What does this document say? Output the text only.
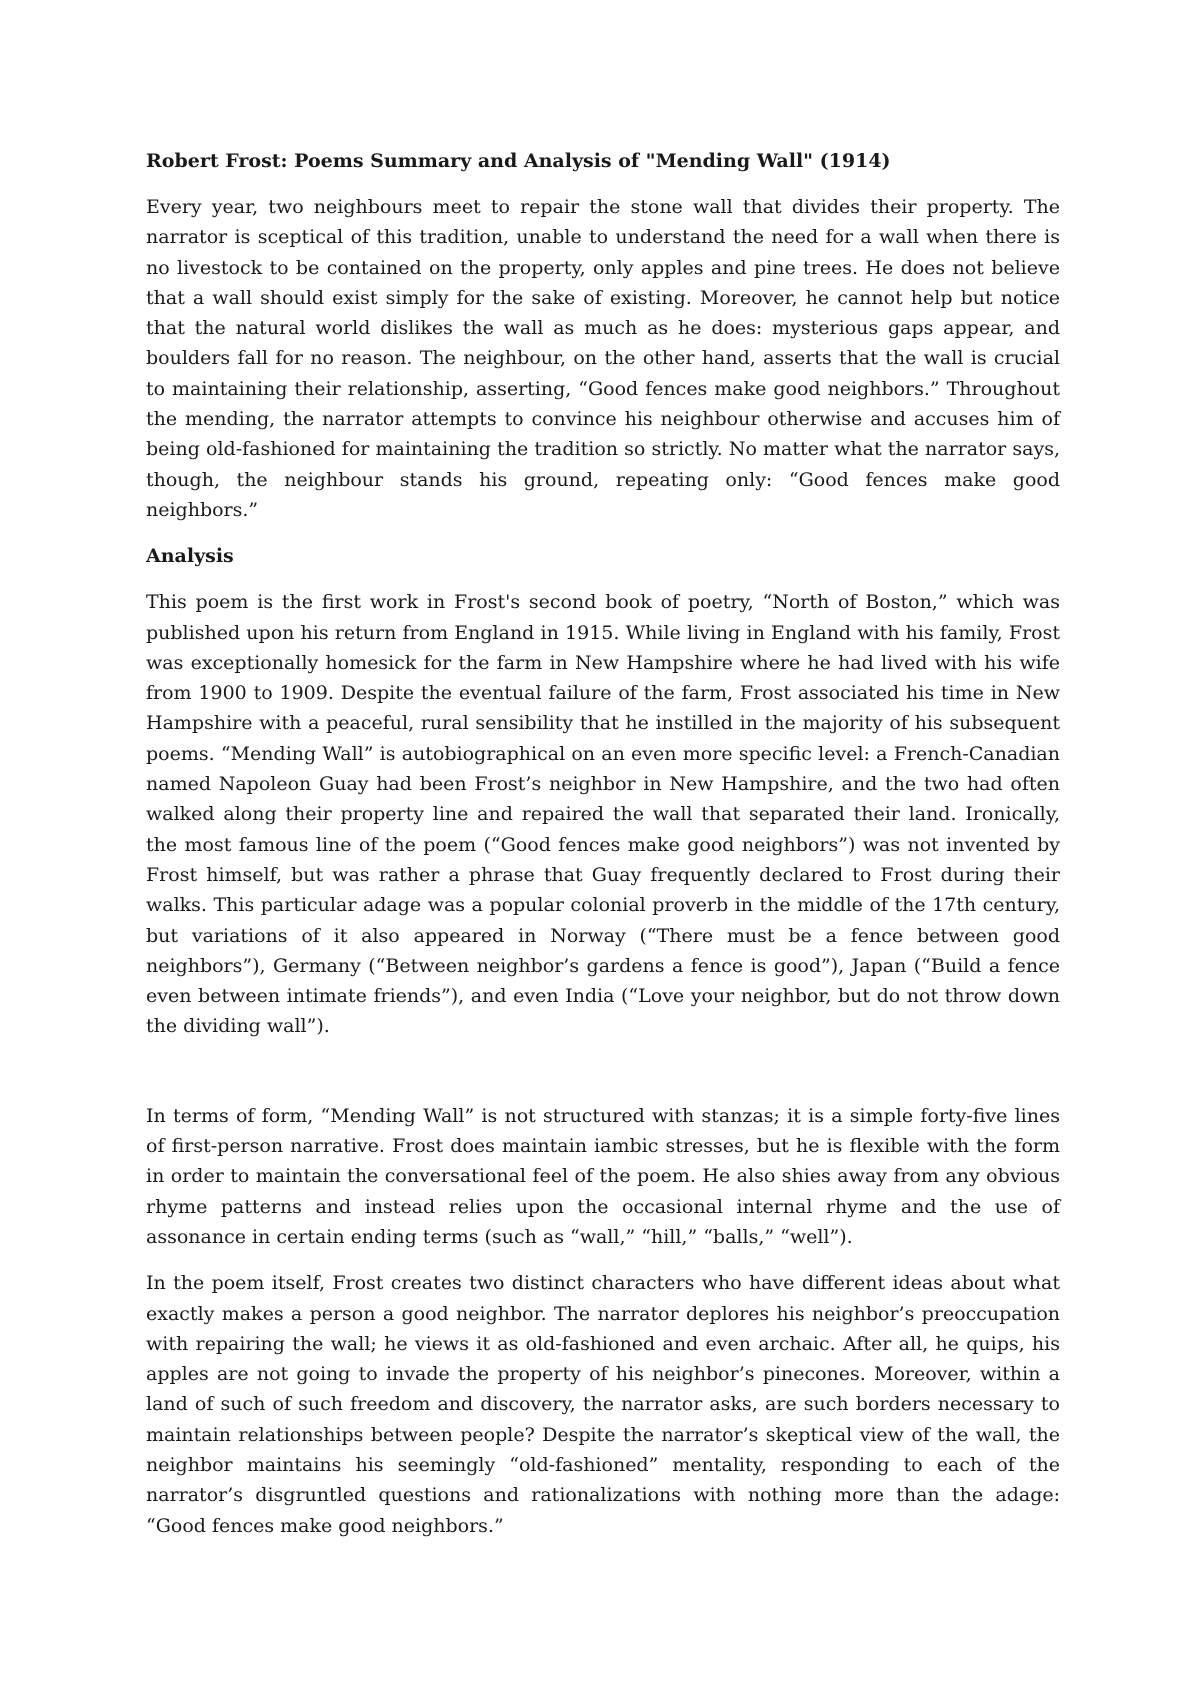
Robert Frost: Poems Summary and Analysis of "Mending Wall" (1914)

Every year, two neighbours meet to repair the stone wall that divides their property. The narrator is sceptical of this tradition, unable to understand the need for a wall when there is no livestock to be contained on the property, only apples and pine trees. He does not believe that a wall should exist simply for the sake of existing. Moreover, he cannot help but notice that the natural world dislikes the wall as much as he does: mysterious gaps appear, and boulders fall for no reason. The neighbour, on the other hand, asserts that the wall is crucial to maintaining their relationship, asserting, “Good fences make good neighbors.” Throughout the mending, the narrator attempts to convince his neighbour otherwise and accuses him of being old-fashioned for maintaining the tradition so strictly. No matter what the narrator says, though, the neighbour stands his ground, repeating only: “Good fences make good neighbors.”

Analysis

This poem is the first work in Frost's second book of poetry, “North of Boston,” which was published upon his return from England in 1915. While living in England with his family, Frost was exceptionally homesick for the farm in New Hampshire where he had lived with his wife from 1900 to 1909. Despite the eventual failure of the farm, Frost associated his time in New Hampshire with a peaceful, rural sensibility that he instilled in the majority of his subsequent poems. “Mending Wall” is autobiographical on an even more specific level: a French-Canadian named Napoleon Guay had been Frost’s neighbor in New Hampshire, and the two had often walked along their property line and repaired the wall that separated their land. Ironically, the most famous line of the poem (“Good fences make good neighbors”) was not invented by Frost himself, but was rather a phrase that Guay frequently declared to Frost during their walks. This particular adage was a popular colonial proverb in the middle of the 17th century, but variations of it also appeared in Norway (“There must be a fence between good neighbors”), Germany (“Between neighbor’s gardens a fence is good”), Japan (“Build a fence even between intimate friends”), and even India (“Love your neighbor, but do not throw down the dividing wall”).

In terms of form, “Mending Wall” is not structured with stanzas; it is a simple forty-five lines of first-person narrative. Frost does maintain iambic stresses, but he is flexible with the form in order to maintain the conversational feel of the poem. He also shies away from any obvious rhyme patterns and instead relies upon the occasional internal rhyme and the use of assonance in certain ending terms (such as “wall,” “hill,” “balls,” “well”).

In the poem itself, Frost creates two distinct characters who have different ideas about what exactly makes a person a good neighbor. The narrator deplores his neighbor’s preoccupation with repairing the wall; he views it as old-fashioned and even archaic. After all, he quips, his apples are not going to invade the property of his neighbor’s pinecones. Moreover, within a land of such of such freedom and discovery, the narrator asks, are such borders necessary to maintain relationships between people? Despite the narrator’s skeptical view of the wall, the neighbor maintains his seemingly “old-fashioned” mentality, responding to each of the narrator’s disgruntled questions and rationalizations with nothing more than the adage: “Good fences make good neighbors.”
